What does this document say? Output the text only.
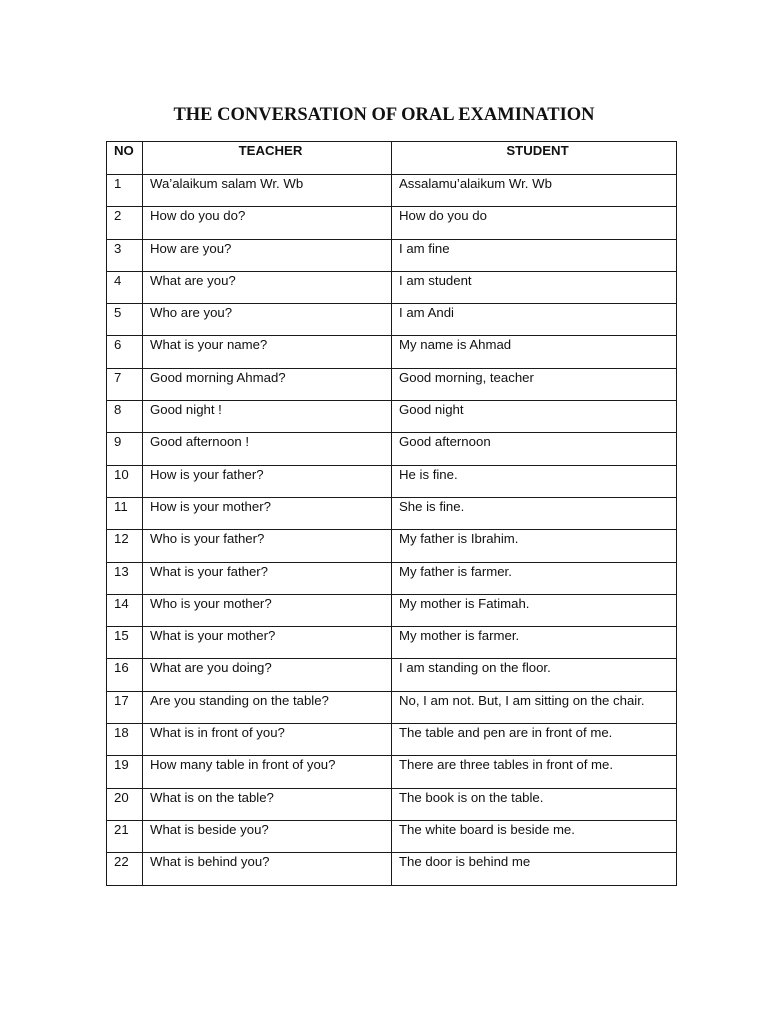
THE CONVERSATION OF ORAL EXAMINATION
NO	TEACHER	STUDENT
1	Wa’alaikum salam Wr. Wb	Assalamu’alaikum Wr. Wb
2	How do you do?	How do you do
3	How are you?	I am fine
4	What are you?	I am student
5	Who are you?	I am Andi
6	What is your name?	My name is Ahmad
7	Good morning Ahmad?	Good morning, teacher
8	Good night !	Good night
9	Good afternoon !	Good afternoon
10	How is your father?	He is fine.
11	How is your mother?	She is fine.
12	Who is your father?	My father is Ibrahim.
13	What is your father?	My father is farmer.
14	Who is your mother?	My mother is Fatimah.
15	What is your mother?	My mother is farmer.
16	What are you doing?	I am standing on the floor.
17	Are you standing on the table?	No, I am not. But, I am sitting on the chair.
18	What is in front of you?	The table and pen are in front of me.
19	How many table in front of you?	There are three tables in front of me.
20	What is on the table?	The book is on the table.
21	What is beside you?	The white board is beside me.
22	What is behind you?	The door is behind me
